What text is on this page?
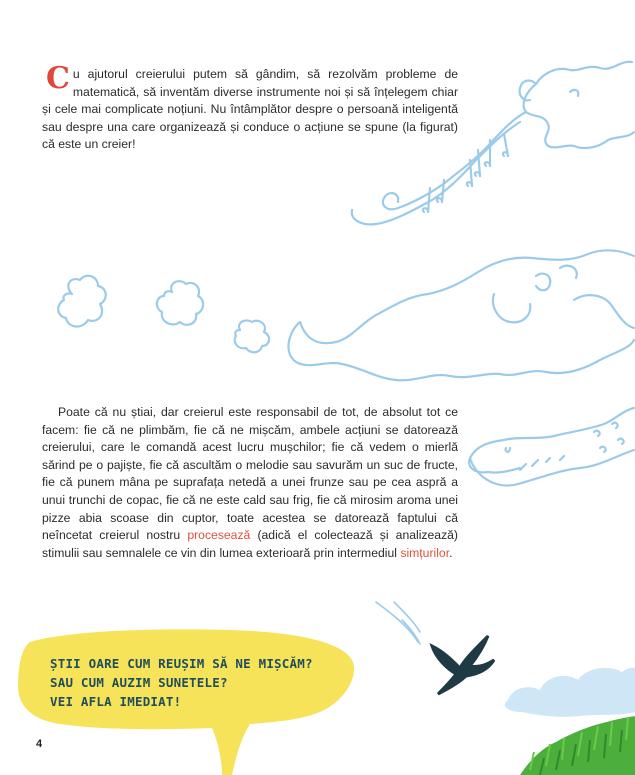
Cu ajutorul creierului putem să gândim, să rezolvăm probleme de matematică, să inventăm diverse instrumente noi și să înțelegem chiar și cele mai complicate noțiuni. Nu întâmplător despre o persoană inteligentă sau despre una care organizează și conduce o acțiune se spune (la figurat) că este un creier!

Poate că nu știai, dar creierul este responsabil de tot, de absolut tot ce facem: fie că ne plimbăm, fie că ne mișcăm, ambele acțiuni se datorează creierului, care le comandă acest lucru mușchilor; fie că vedem o mierlă sărind pe o pajiște, fie că ascultăm o melodie sau savurăm un suc de fructe, fie că punem mâna pe suprafața netedă a unei frunze sau pe cea aspră a unui trunchi de copac, fie că ne este cald sau frig, fie că mirosim aroma unei pizze abia scoase din cuptor, toate acestea se datorează faptului că neîncetat creierul nostru procesează (adică el colectează și analizează) stimulii sau semnalele ce vin din lumea exterioară prin intermediul simțurilor.

ȘTII OARE CUM REUȘIM SĂ NE MIȘCĂM?
SAU CUM AUZIM SUNETELE?
VEI AFLA IMEDIAT!
4
